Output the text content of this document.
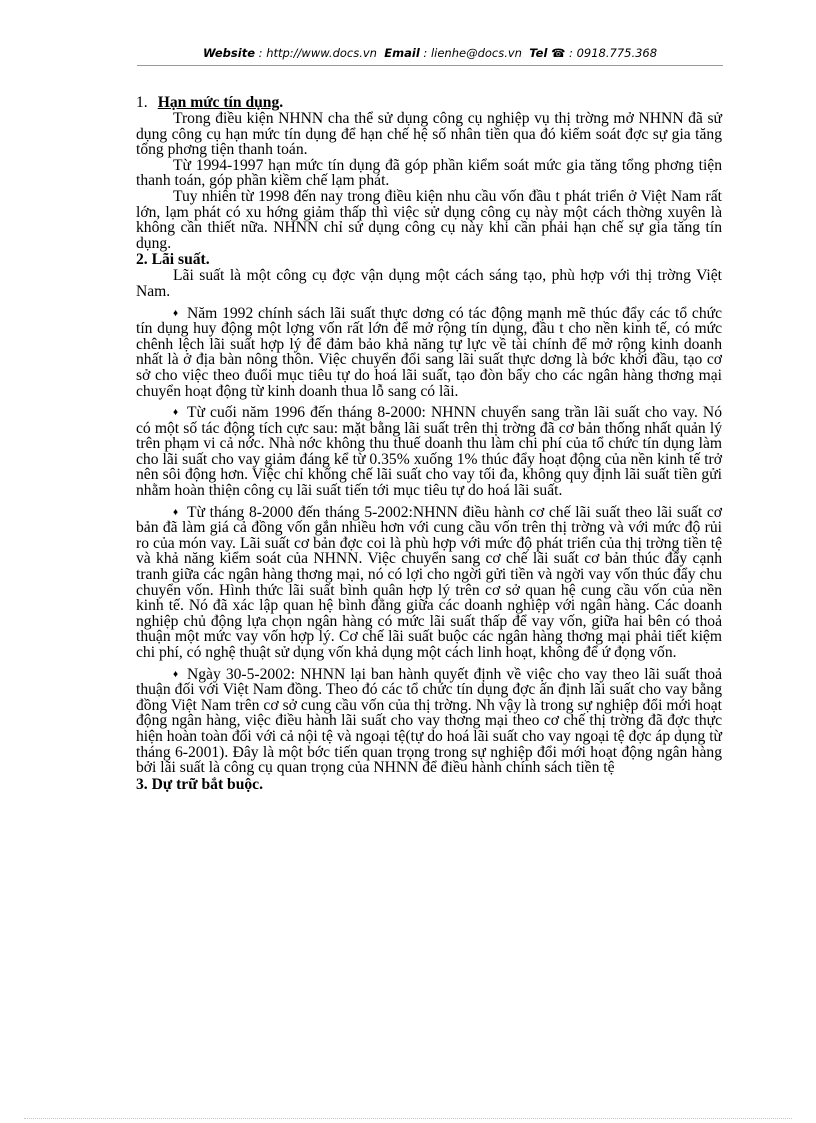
Website : http://www.docs.vn Email : lienhe@docs.vn Tel ☎ : 0918.775.368
1. Hạn mức tín dụng.

Trong điều kiện NHNN cha thể sử dụng công cụ nghiệp vụ thị trờng mở NHNN đã sử dụng công cụ hạn mức tín dụng để hạn chế hệ số nhân tiền qua đó kiểm soát đợc sự gia tăng tổng phơng tiện thanh toán.

Từ 1994-1997 hạn mức tín dụng đã góp phần kiểm soát mức gia tăng tổng phơng tiện thanh toán, góp phần kiềm chế lạm phát.

Tuy nhiên từ 1998 đến nay trong điều kiện nhu cầu vốn đầu t phát triển ở Việt Nam rất lớn, lạm phát có xu hớng giảm thấp thì việc sử dụng công cụ này một cách thờng xuyên là không cần thiết nữa. NHNN chỉ sử dụng công cụ này khi cần phải hạn chế sự gia tăng tín dụng.

2. Lãi suất.

Lãi suất là một công cụ đợc vận dụng một cách sáng tạo, phù hợp với thị trờng Việt Nam.

♦ Năm 1992 chính sách lãi suất thực dơng có tác động mạnh mẽ thúc đẩy các tổ chức tín dụng huy động một lợng vốn rất lớn để mở rộng tín dụng, đầu t cho nền kinh tế, có mức chênh lệch lãi suất hợp lý để đảm bảo khả năng tự lực về tài chính để mở rộng kinh doanh nhất là ở địa bàn nông thôn. Việc chuyển đổi sang lãi suất thực dơng là bớc khởi đầu, tạo cơ sở cho việc theo đuổi mục tiêu tự do hoá lãi suất, tạo đòn bẩy cho các ngân hàng thơng mại chuyển hoạt động từ kinh doanh thua lỗ sang có lãi.

♦ Từ cuối năm 1996 đến tháng 8-2000: NHNN chuyển sang trần lãi suất cho vay. Nó có một số tác động tích cực sau: mặt bằng lãi suất trên thị trờng đã cơ bản thống nhất quản lý trên phạm vi cả nớc. Nhà nớc không thu thuế doanh thu làm chi phí của tổ chức tín dụng làm cho lãi suất cho vay giảm đáng kể từ 0.35% xuống 1% thúc đẩy hoạt động của nền kinh tế trở nên sôi động hơn. Việc chỉ khống chế lãi suất cho vay tối đa, không quy định lãi suất tiền gửi nhằm hoàn thiện công cụ lãi suất tiến tới mục tiêu tự do hoá lãi suất.

♦ Từ tháng 8-2000 đến tháng 5-2002:NHNN điều hành cơ chế lãi suất theo lãi suất cơ bản đã làm giá cả đồng vốn gắn nhiều hơn với cung cầu vốn trên thị trờng và với mức độ rủi ro của món vay. Lãi suất cơ bản đợc coi là phù hợp với mức độ phát triển của thị trờng tiền tệ và khả năng kiểm soát của NHNN. Việc chuyển sang cơ chế lãi suất cơ bản thúc đẩy cạnh tranh giữa các ngân hàng thơng mại, nó có lợi cho ngời gửi tiền và ngời vay vốn thúc đẩy chu chuyển vốn. Hình thức lãi suất bình quân hợp lý trên cơ sở quan hệ cung cầu vốn của nền kinh tế. Nó đã xác lập quan hệ bình đẳng giữa các doanh nghiệp với ngân hàng. Các doanh nghiệp chủ động lựa chọn ngân hàng có mức lãi suất thấp để vay vốn, giữa hai bên có thoả thuận một mức vay vốn hợp lý. Cơ chế lãi suất buộc các ngân hàng thơng mại phải tiết kiệm chi phí, có nghệ thuật sử dụng vốn khả dụng một cách linh hoạt, không để ứ đọng vốn.

♦ Ngày 30-5-2002: NHNN lại ban hành quyết định về việc cho vay theo lãi suất thoả thuận đối với Việt Nam đồng. Theo đó các tổ chức tín dụng đợc ấn định lãi suất cho vay bằng đồng Việt Nam trên cơ sở cung cầu vốn của thị trờng. Nh vậy là trong sự nghiệp đổi mới hoạt động ngân hàng, việc điều hành lãi suất cho vay thơng mại theo cơ chế thị trờng đã đợc thực hiện hoàn toàn đối với cả nội tệ và ngoại tệ(tự do hoá lãi suất cho vay ngoại tệ đợc áp dụng từ tháng 6-2001). Đây là một bớc tiến quan trọng trong sự nghiệp đổi mới hoạt động ngân hàng bởi lãi suất là công cụ quan trọng của NHNN để điều hành chính sách tiền tệ

3. Dự trữ bắt buộc.
